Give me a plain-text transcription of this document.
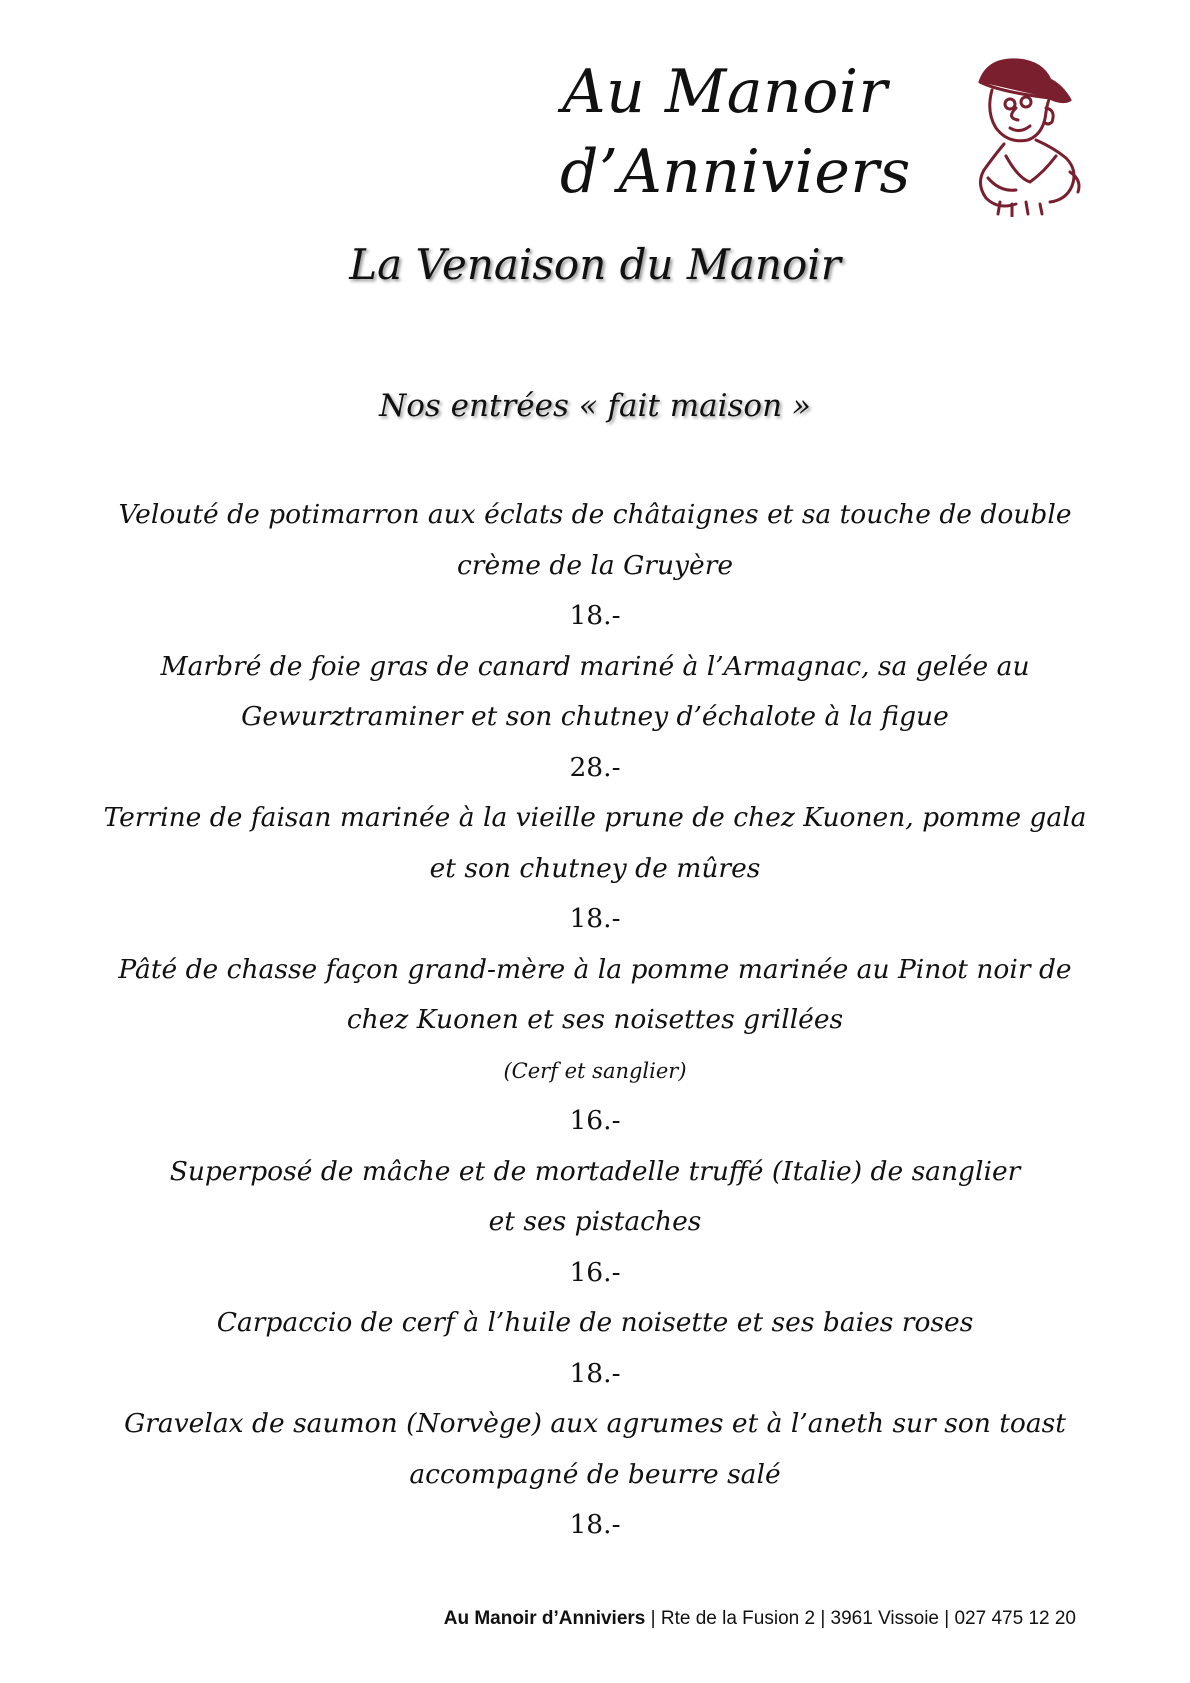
Au Manoir
d’Anniviers
La Venaison du Manoir
Nos entrées « fait maison »
Velouté de potimarron aux éclats de châtaignes et sa touche de double
crème de la Gruyère
18.-
Marbré de foie gras de canard mariné à l’Armagnac, sa gelée au
Gewurztraminer et son chutney d’échalote à la figue
28.-
Terrine de faisan marinée à la vieille prune de chez Kuonen, pomme gala
et son chutney de mûres
18.-
Pâté de chasse façon grand-mère à la pomme marinée au Pinot noir de
chez Kuonen et ses noisettes grillées
(Cerf et sanglier)
16.-
Superposé de mâche et de mortadelle truffé (Italie) de sanglier
et ses pistaches
16.-
Carpaccio de cerf à l’huile de noisette et ses baies roses
18.-
Gravelax de saumon (Norvège) aux agrumes et à l’aneth sur son toast
accompagné de beurre salé
18.-
Au Manoir d’Anniviers | Rte de la Fusion 2 | 3961 Vissoie | 027 475 12 20
